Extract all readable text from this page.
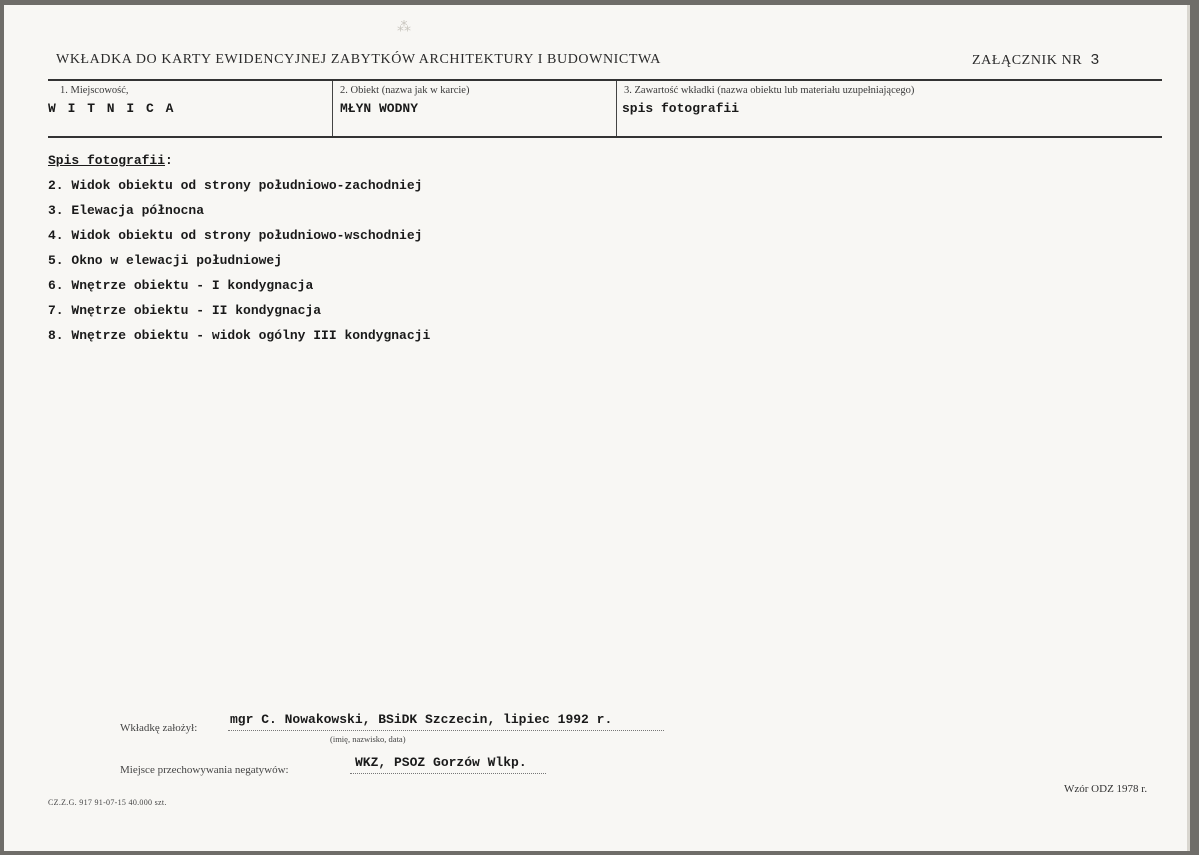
⁂
WKŁADKA DO KARTY EWIDENCYJNEJ ZABYTKÓW ARCHITEKTURY I BUDOWNICTWA	ZAŁĄCZNIK NR 3
1. Miejscowość,
W I T N I C A
2. Obiekt (nazwa jak w karcie)
MŁYN WODNY
3. Zawartość wkładki (nazwa obiektu lub materiału uzupełniającego)
spis fotografii
Spis fotografii:
2. Widok obiektu od strony południowo-zachodniej
3. Elewacja północna
4. Widok obiektu od strony południowo-wschodniej
5. Okno w elewacji południowej
6. Wnętrze obiektu - I kondygnacja
7. Wnętrze obiektu - II kondygnacja
8. Wnętrze obiektu - widok ogólny III kondygnacji
Wkładkę założył:
mgr C. Nowakowski, BSiDK Szczecin, lipiec 1992 r.
(imię, nazwisko, data)
Miejsce przechowywania negatywów:	WKZ, PSOZ Gorzów Wlkp.
Wzór ODZ 1978 r.
CZ.Z.G. 917 91-07-15 40.000 szt.
